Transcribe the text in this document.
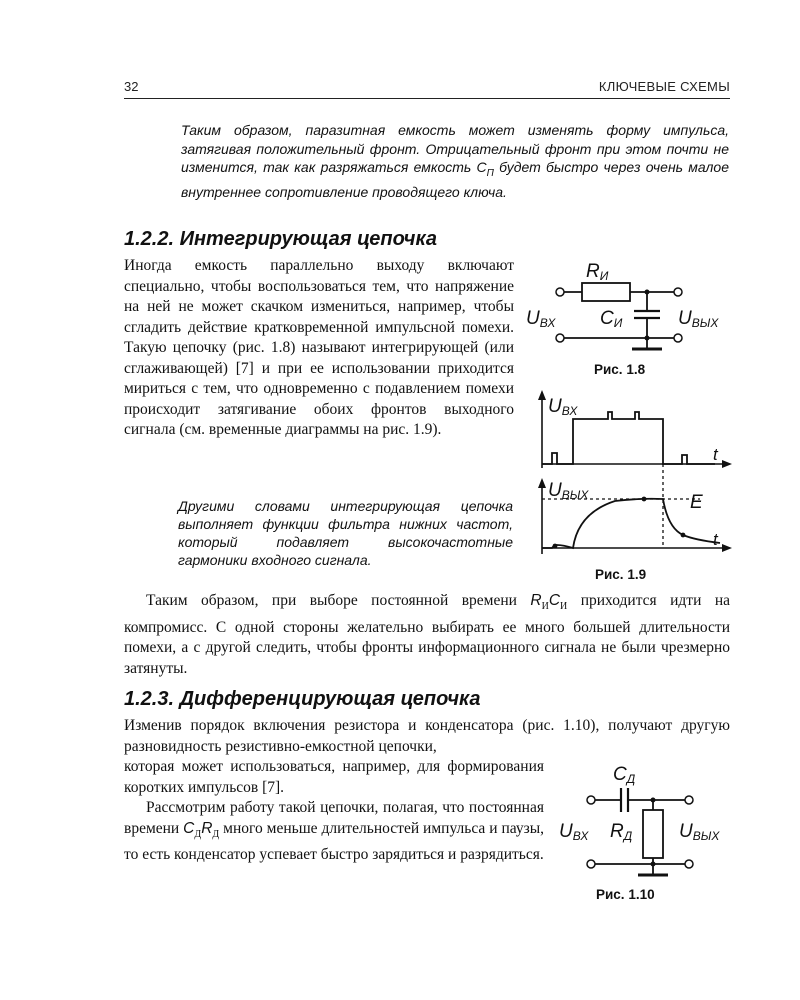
32	КЛЮЧЕВЫЕ СХЕМЫ
Таким образом, паразитная емкость может изменять форму импульса, затягивая положительный фронт. Отрицательный фронт при этом почти не изменится, так как разряжаться емкость $C_П$ будет быстро через очень малое внутреннее сопротивление проводящего ключа.
1.2.2. Интегрирующая цепочка
Иногда емкость параллельно выходу включают специально, чтобы воспользоваться тем, что напряжение на ней не может скачком измениться, например, чтобы сгладить действие кратковременной импульсной помехи. Такую цепочку (рис. 1.8) называют интегрирующей (или сглаживающей) [7] и при ее использовании приходится мириться с тем, что одновременно с подавлением помехи происходит затягивание обоих фронтов выходного сигнала (см. временные диаграммы на рис. 1.9).
Другими словами интегрирующая цепочка выполняет функции фильтра нижних частот, который подавляет высокочастотные гармоники входного сигнала.
RИ
CИ
UВХ	UВЫХ
Рис. 1.8
UВХ
t
UВЫХ	E
t
Рис. 1.9
Таким образом, при выборе постоянной времени $R_ИC_И$ приходится идти на компромисс. С одной стороны желательно выбирать ее много большей длительности помехи, а с другой следить, чтобы фронты информационного сигнала не были чрезмерно затянуты.
1.2.3. Дифференцирующая цепочка
Изменив порядок включения резистора и конденсатора (рис. 1.10), получают другую разновидность резистивно-емкостной цепочки,
которая может использоваться, например, для формирования коротких импульсов [7].
Рассмотрим работу такой цепочки, полагая, что постоянная времени $C_ДR_Д$ много меньше длительностей импульса и паузы, то есть конденсатор успевает быстро зарядиться и разрядиться.
CД
RД
UВХ	UВЫХ
Рис. 1.10
